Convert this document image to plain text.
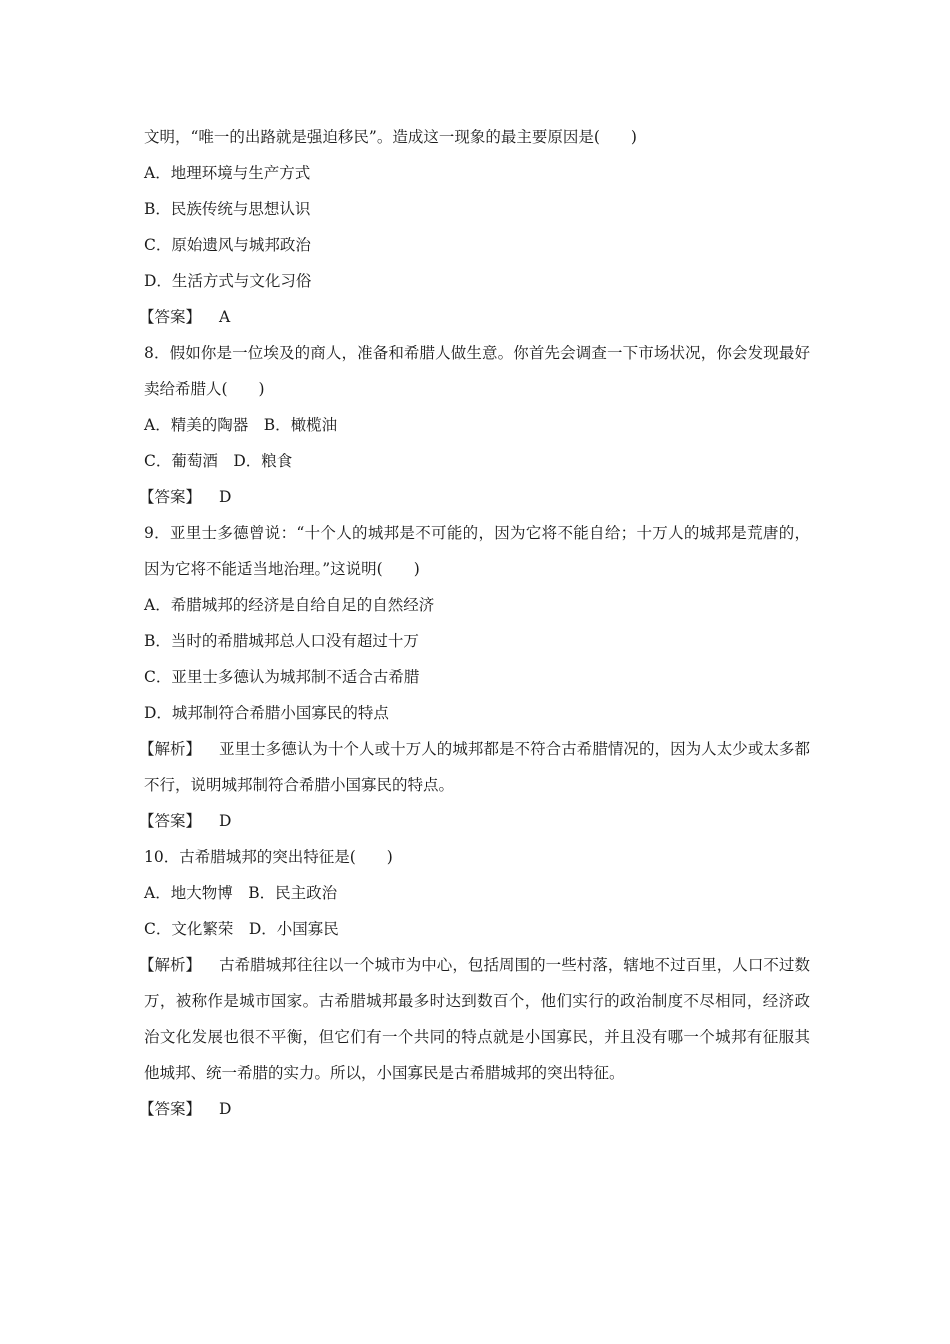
文明，“唯一的出路就是强迫移民”。造成这一现象的最主要原因是(　　)
A．地理环境与生产方式
B．民族传统与思想认识
C．原始遗风与城邦政治
D．生活方式与文化习俗
【答案】 A
8．假如你是一位埃及的商人，准备和希腊人做生意。你首先会调查一下市场状况，你会发现最好卖给希腊人(　　)
A．精美的陶器　B．橄榄油
C．葡萄酒　D．粮食
【答案】 D
9．亚里士多德曾说：“十个人的城邦是不可能的，因为它将不能自给；十万人的城邦是荒唐的，因为它将不能适当地治理。”这说明(　　)
A．希腊城邦的经济是自给自足的自然经济
B．当时的希腊城邦总人口没有超过十万
C．亚里士多德认为城邦制不适合古希腊
D．城邦制符合希腊小国寡民的特点
【解析】 亚里士多德认为十个人或十万人的城邦都是不符合古希腊情况的，因为人太少或太多都不行，说明城邦制符合希腊小国寡民的特点。
【答案】 D
10．古希腊城邦的突出特征是(　　)
A．地大物博　B．民主政治
C．文化繁荣　D．小国寡民
【解析】 古希腊城邦往往以一个城市为中心，包括周围的一些村落，辖地不过百里，人口不过数万，被称作是城市国家。古希腊城邦最多时达到数百个，他们实行的政治制度不尽相同，经济政治文化发展也很不平衡，但它们有一个共同的特点就是小国寡民，并且没有哪一个城邦有征服其他城邦、统一希腊的实力。所以，小国寡民是古希腊城邦的突出特征。
【答案】 D
